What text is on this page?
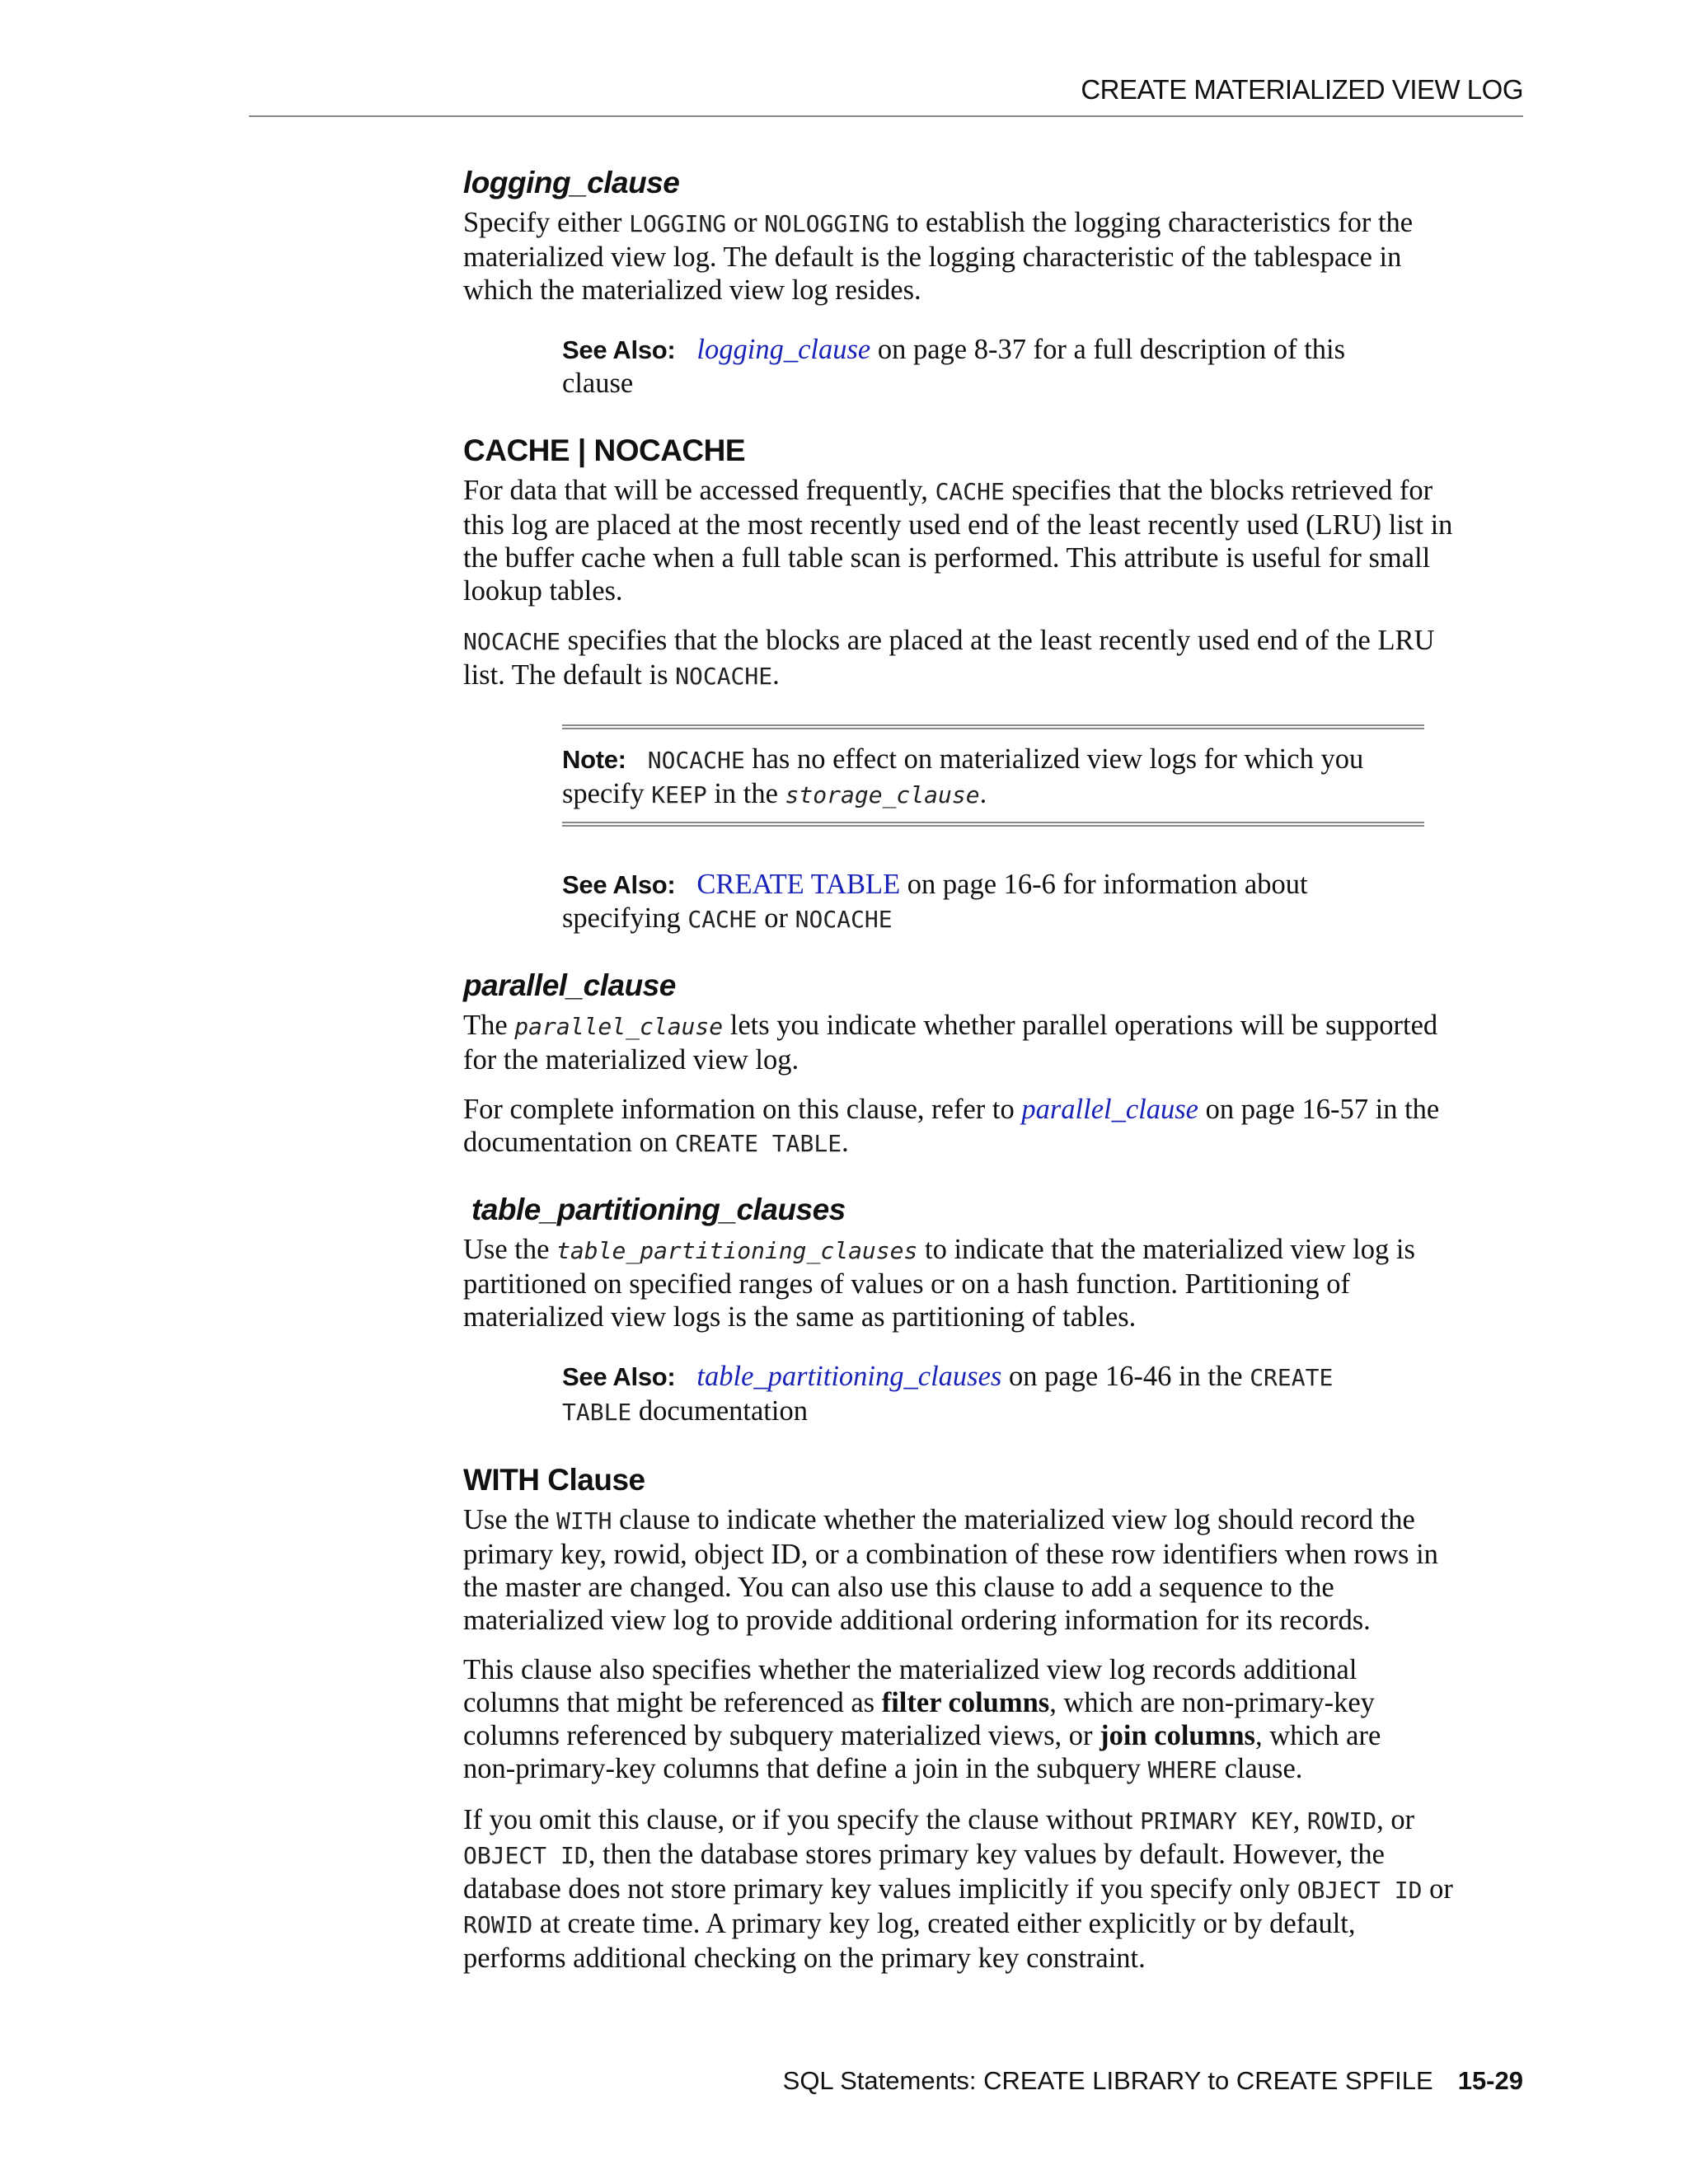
CREATE MATERIALIZED VIEW LOG
logging_clause
Specify either LOGGING or NOLOGGING to establish the logging characteristics for the
materialized view log. The default is the logging characteristic of the tablespace in
which the materialized view log resides.
See Also: logging_clause on page 8-37 for a full description of this
clause
CACHE | NOCACHE
For data that will be accessed frequently, CACHE specifies that the blocks retrieved for
this log are placed at the most recently used end of the least recently used (LRU) list in
the buffer cache when a full table scan is performed. This attribute is useful for small
lookup tables.
NOCACHE specifies that the blocks are placed at the least recently used end of the LRU
list. The default is NOCACHE.
Note: NOCACHE has no effect on materialized view logs for which you
specify KEEP in the storage_clause.
See Also: CREATE TABLE on page 16-6 for information about
specifying CACHE or NOCACHE
parallel_clause
The parallel_clause lets you indicate whether parallel operations will be supported
for the materialized view log.
For complete information on this clause, refer to parallel_clause on page 16-57 in the
documentation on CREATE TABLE.
table_partitioning_clauses
Use the table_partitioning_clauses to indicate that the materialized view log is
partitioned on specified ranges of values or on a hash function. Partitioning of
materialized view logs is the same as partitioning of tables.
See Also: table_partitioning_clauses on page 16-46 in the CREATE
TABLE documentation
WITH Clause
Use the WITH clause to indicate whether the materialized view log should record the
primary key, rowid, object ID, or a combination of these row identifiers when rows in
the master are changed. You can also use this clause to add a sequence to the
materialized view log to provide additional ordering information for its records.
This clause also specifies whether the materialized view log records additional
columns that might be referenced as filter columns, which are non-primary-key
columns referenced by subquery materialized views, or join columns, which are
non-primary-key columns that define a join in the subquery WHERE clause.
If you omit this clause, or if you specify the clause without PRIMARY KEY, ROWID, or
OBJECT ID, then the database stores primary key values by default. However, the
database does not store primary key values implicitly if you specify only OBJECT ID or
ROWID at create time. A primary key log, created either explicitly or by default,
performs additional checking on the primary key constraint.
SQL Statements: CREATE LIBRARY to CREATE SPFILE 15-29
